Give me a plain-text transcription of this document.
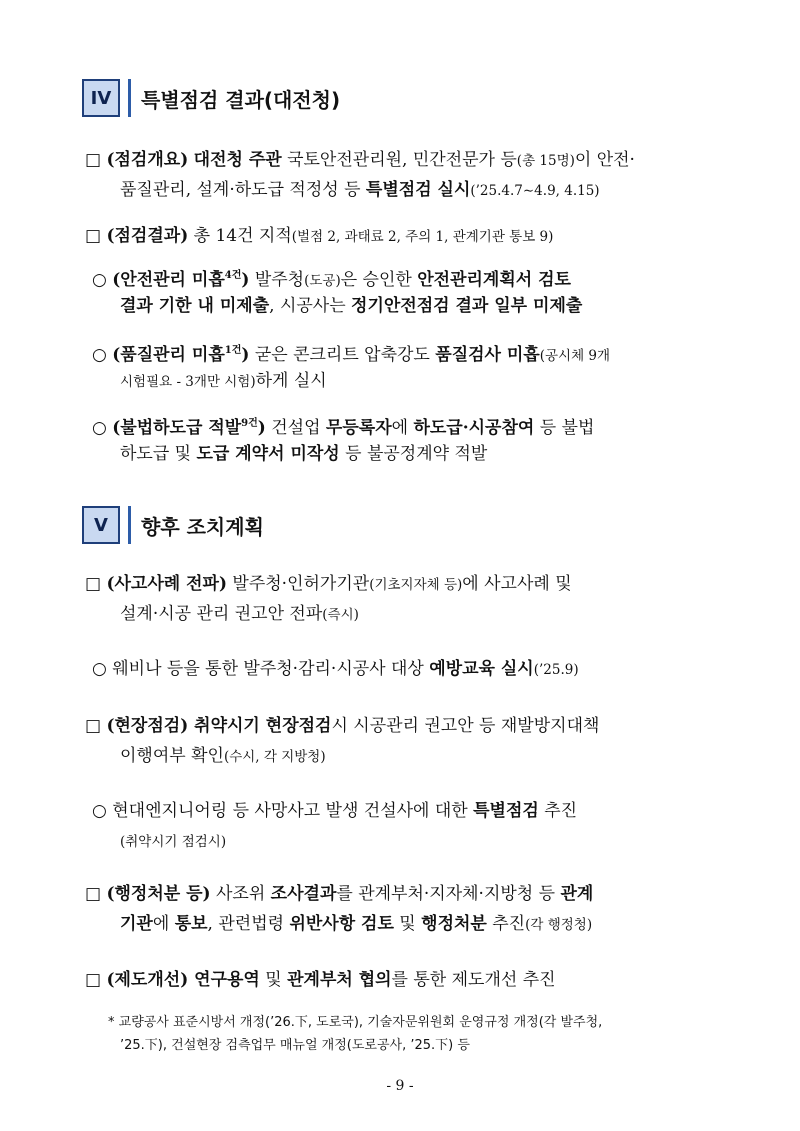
IV	특별점검 결과(대전청)
□ (점검개요) 대전청 주관 국토안전관리원, 민간전문가 등(총 15명)이 안전·
품질관리, 설계·하도급 적정성 등 특별점검 실시(’25.4.7∼4.9, 4.15)
□ (점검결과) 총 14건 지적(벌점 2, 과태료 2, 주의 1, 관계기관 통보 9)
○ (안전관리 미흡$^{4건}$) 발주청(도공)은 승인한 안전관리계획서 검토
결과 기한 내 미제출, 시공사는 정기안전점검 결과 일부 미제출
○ (품질관리 미흡$^{1건}$) 굳은 콘크리트 압축강도 품질검사 미흡(공시체 9개
시험필요 - 3개만 시험)하게 실시
○ (불법하도급 적발$^{9건}$) 건설업 무등록자에 하도급·시공참여 등 불법
하도급 및 도급 계약서 미작성 등 불공정계약 적발
V	향후 조치계획
□ (사고사례 전파) 발주청·인허가기관(기초지자체 등)에 사고사례 및
설계·시공 관리 권고안 전파(즉시)
○ 웨비나 등을 통한 발주청·감리·시공사 대상 예방교육 실시(’25.9)
□ (현장점검) 취약시기 현장점검시 시공관리 권고안 등 재발방지대책
이행여부 확인(수시, 각 지방청)
○ 현대엔지니어링 등 사망사고 발생 건설사에 대한 특별점검 추진
(취약시기 점검시)
□ (행정처분 등) 사조위 조사결과를 관계부처·지자체·지방청 등 관계
기관에 통보, 관련법령 위반사항 검토 및 행정처분 추진(각 행정청)
□ (제도개선) 연구용역 및 관계부처 협의를 통한 제도개선 추진
* 교량공사 표준시방서 개정(’26.下, 도로국), 기술자문위원회 운영규정 개정(각 발주청,
’25.下), 건설현장 검측업무 매뉴얼 개정(도로공사, ’25.下) 등
- 9 -
